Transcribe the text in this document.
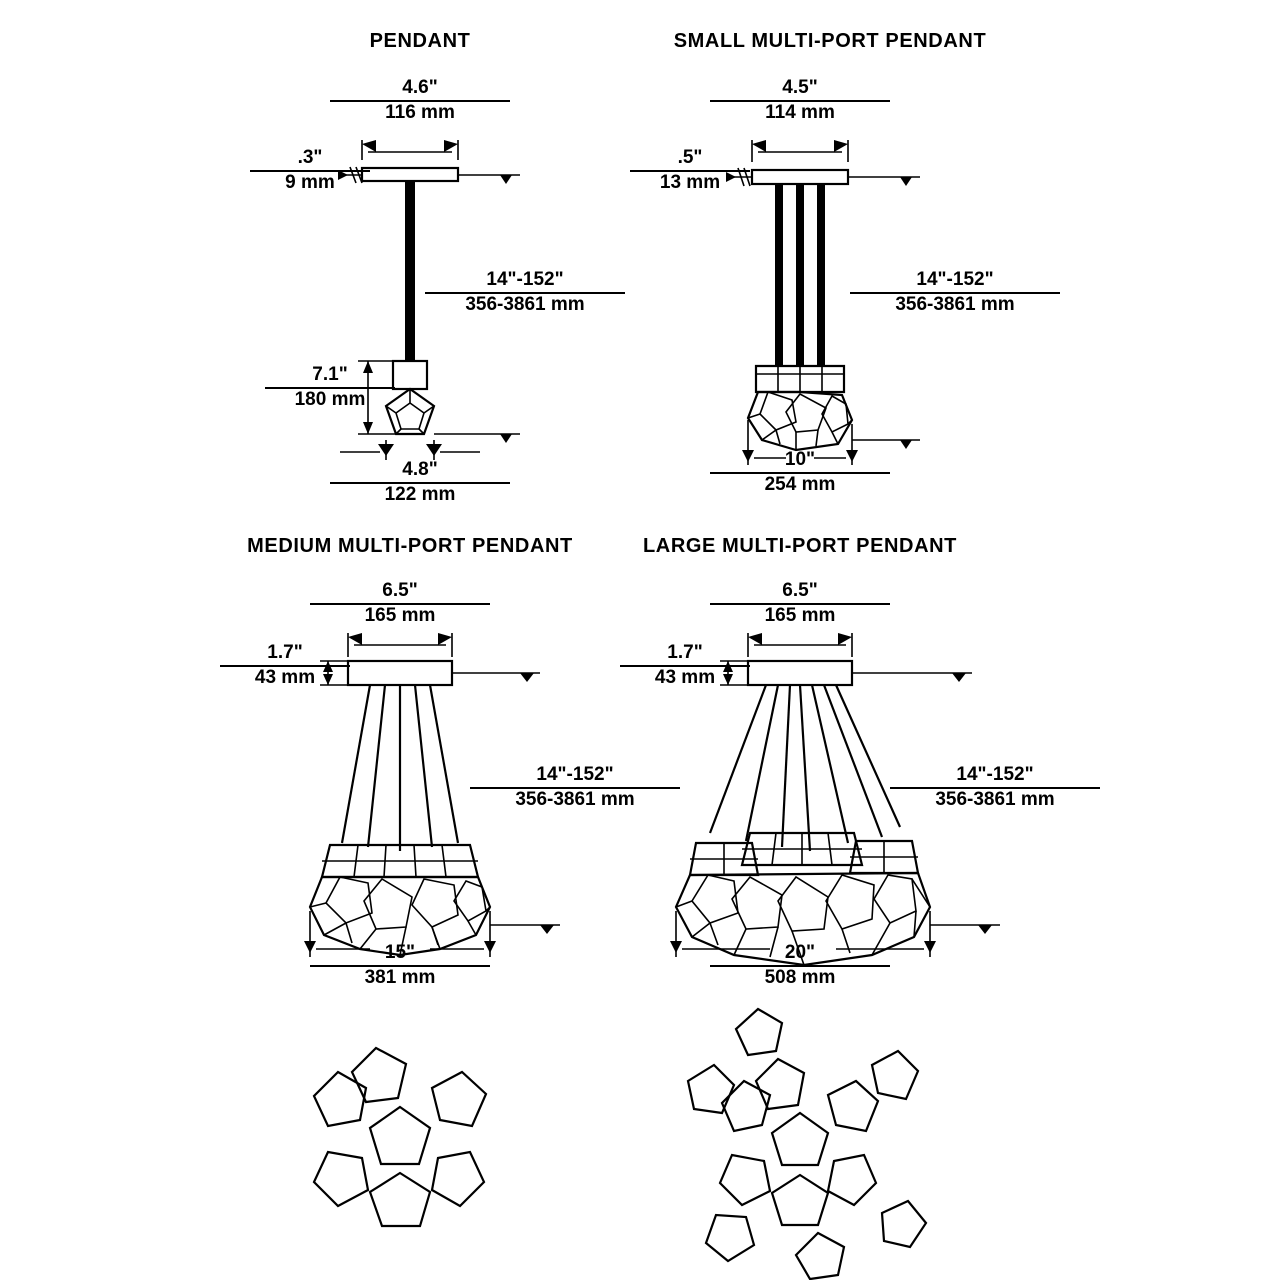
PENDANT
4.6"
116 mm
.3"
9 mm
14"-152"
356-3861 mm
7.1"
180 mm
4.8"
122 mm
SMALL MULTI-PORT PENDANT
4.5"
114 mm
.5"
13 mm
14"-152"
356-3861 mm
10"
254 mm
MEDIUM MULTI-PORT PENDANT
6.5"
165 mm
1.7"
43 mm
14"-152"
356-3861 mm
15"
381 mm
LARGE MULTI-PORT PENDANT
6.5"
165 mm
1.7"
43 mm
14"-152"
356-3861 mm
20"
508 mm
